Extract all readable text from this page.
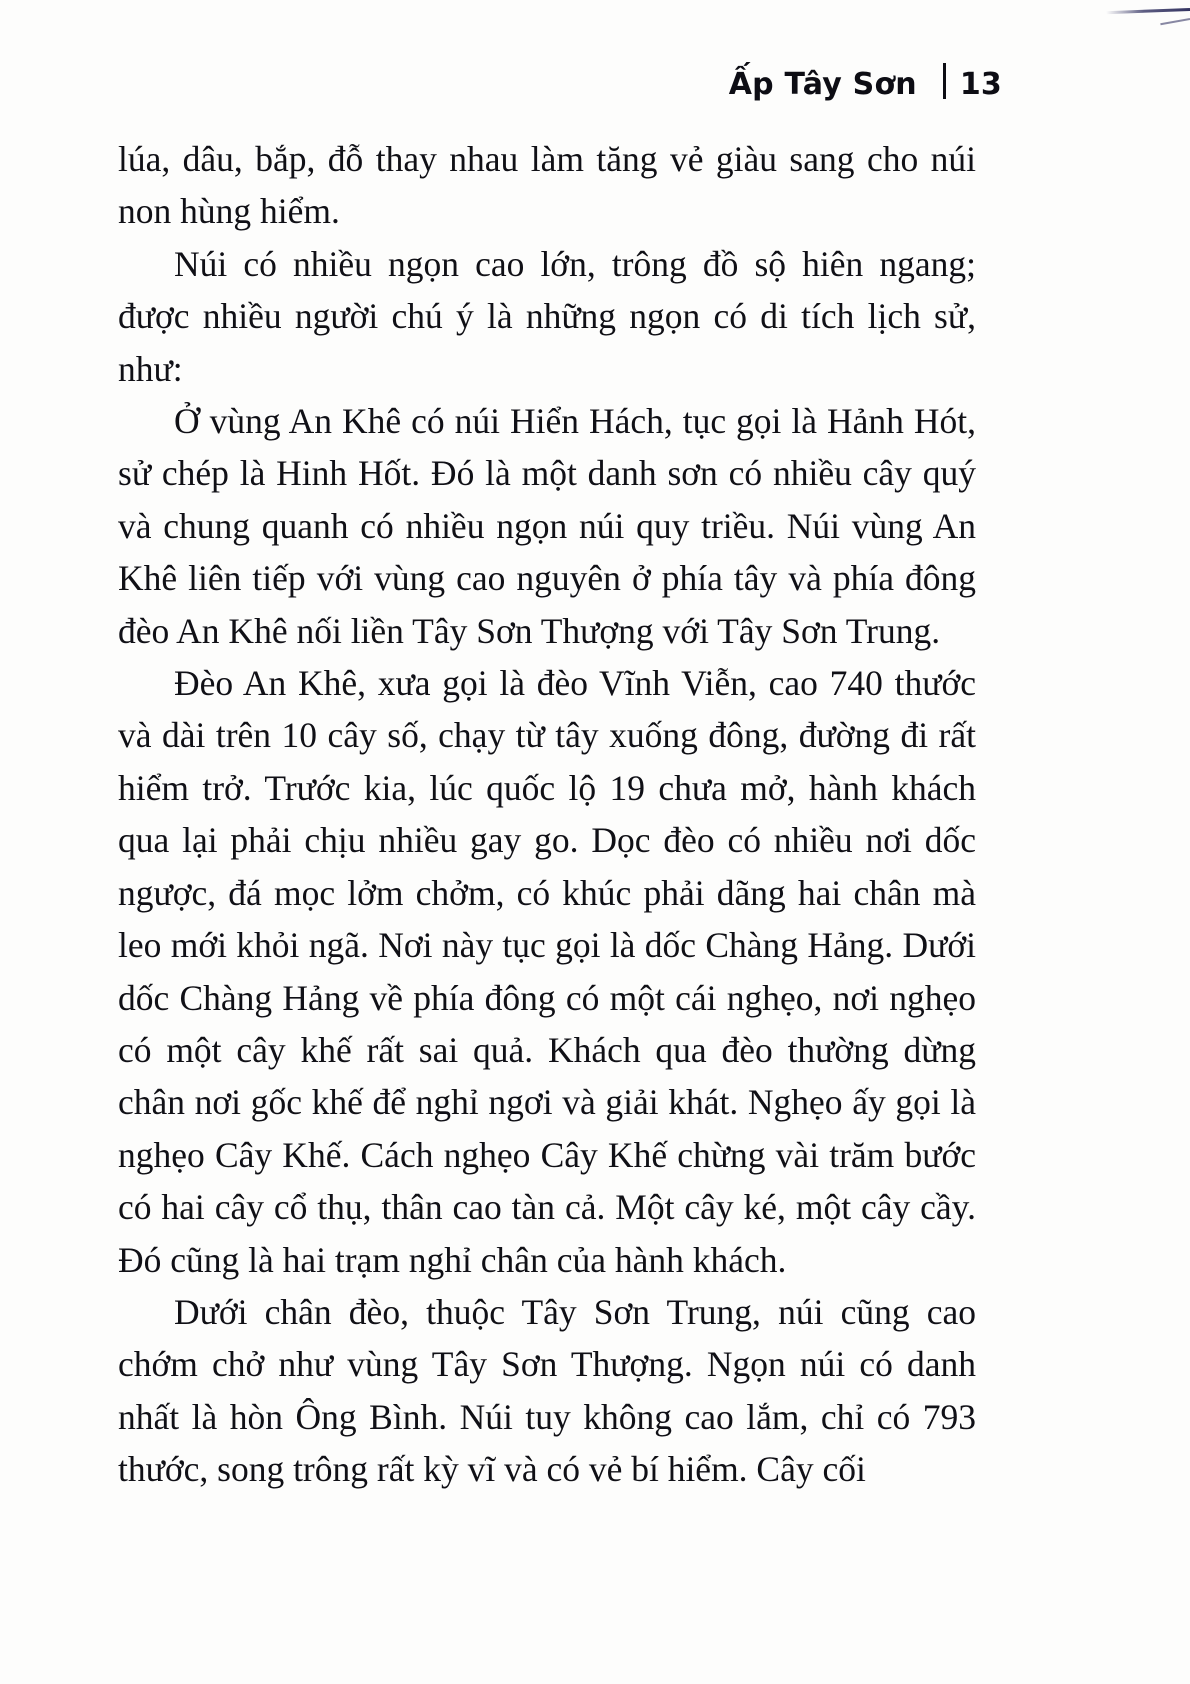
Ấp Tây Sơn 13

lúa, dâu, bắp, đỗ thay nhau làm tăng vẻ giàu sang cho núi non hùng hiểm.

Núi có nhiều ngọn cao lớn, trông đồ sộ hiên ngang; được nhiều người chú ý là những ngọn có di tích lịch sử, như:

Ở vùng An Khê có núi Hiển Hách, tục gọi là Hảnh Hót, sử chép là Hinh Hốt. Đó là một danh sơn có nhiều cây quý và chung quanh có nhiều ngọn núi quy triều. Núi vùng An Khê liên tiếp với vùng cao nguyên ở phía tây và phía đông đèo An Khê nối liền Tây Sơn Thượng với Tây Sơn Trung.

Đèo An Khê, xưa gọi là đèo Vĩnh Viễn, cao 740 thước và dài trên 10 cây số, chạy từ tây xuống đông, đường đi rất hiểm trở. Trước kia, lúc quốc lộ 19 chưa mở, hành khách qua lại phải chịu nhiều gay go. Dọc đèo có nhiều nơi dốc ngược, đá mọc lởm chởm, có khúc phải dãng hai chân mà leo mới khỏi ngã. Nơi này tục gọi là dốc Chàng Hảng. Dưới dốc Chàng Hảng về phía đông có một cái nghẹo, nơi nghẹo có một cây khế rất sai quả. Khách qua đèo thường dừng chân nơi gốc khế để nghỉ ngơi và giải khát. Nghẹo ấy gọi là nghẹo Cây Khế. Cách nghẹo Cây Khế chừng vài trăm bước có hai cây cổ thụ, thân cao tàn cả. Một cây ké, một cây cầy. Đó cũng là hai trạm nghỉ chân của hành khách.

Dưới chân đèo, thuộc Tây Sơn Trung, núi cũng cao chớm chở như vùng Tây Sơn Thượng. Ngọn núi có danh nhất là hòn Ông Bình. Núi tuy không cao lắm, chỉ có 793 thước, song trông rất kỳ vĩ và có vẻ bí hiểm. Cây cối
